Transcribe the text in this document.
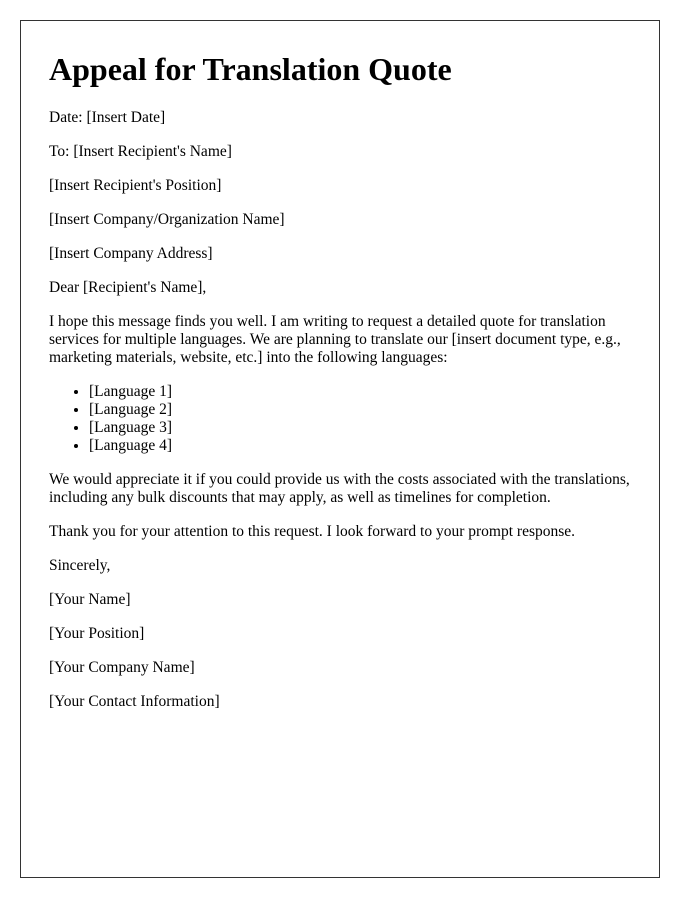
Appeal for Translation Quote

Date: [Insert Date]

To: [Insert Recipient's Name]

[Insert Recipient's Position]

[Insert Company/Organization Name]

[Insert Company Address]

Dear [Recipient's Name],

I hope this message finds you well. I am writing to request a detailed quote for translation services for multiple languages. We are planning to translate our [insert document type, e.g., marketing materials, website, etc.] into the following languages:

• [Language 1]
• [Language 2]
• [Language 3]
• [Language 4]

We would appreciate it if you could provide us with the costs associated with the translations, including any bulk discounts that may apply, as well as timelines for completion.

Thank you for your attention to this request. I look forward to your prompt response.

Sincerely,

[Your Name]

[Your Position]

[Your Company Name]

[Your Contact Information]
